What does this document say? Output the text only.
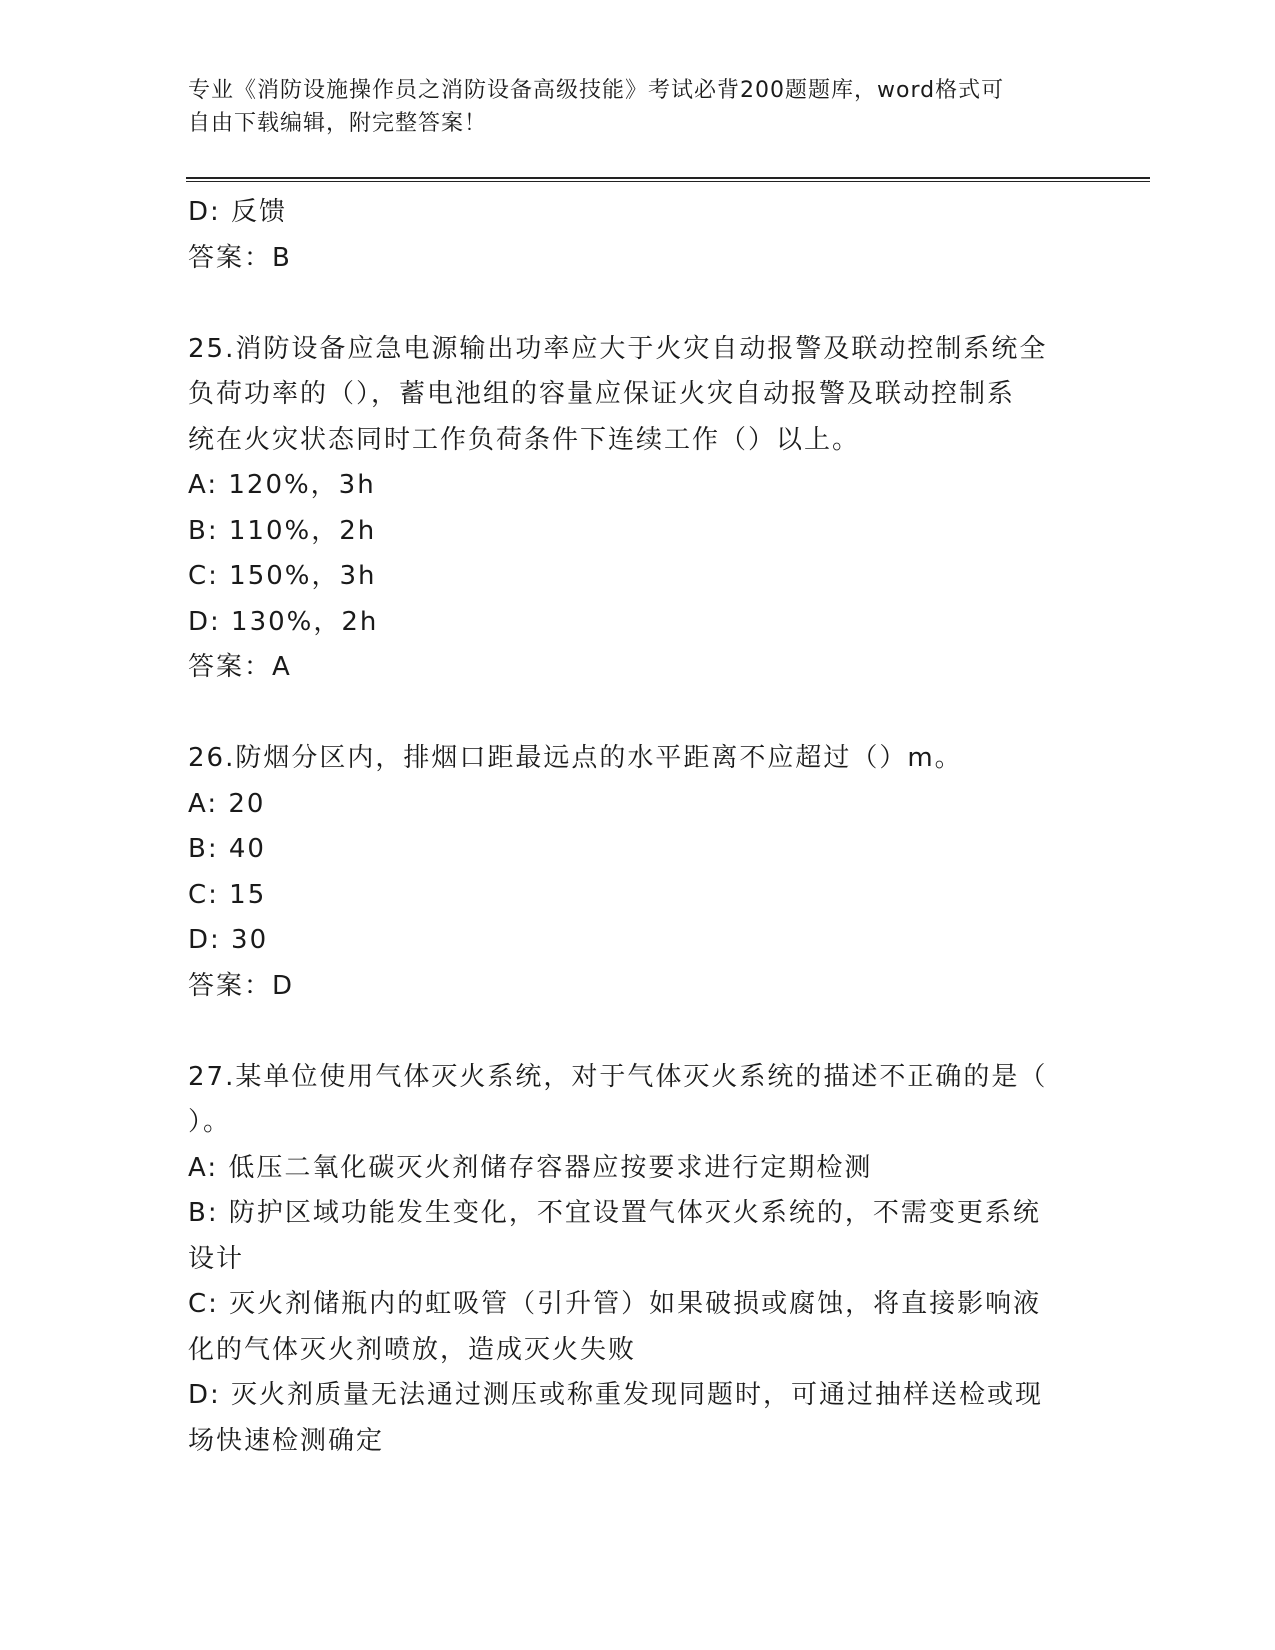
专业《消防设施操作员之消防设备高级技能》考试必背200题题库，word格式可
自由下载编辑，附完整答案！
D: 反馈
答案：B
25.消防设备应急电源输出功率应大于火灾自动报警及联动控制系统全
负荷功率的（），蓄电池组的容量应保证火灾自动报警及联动控制系
统在火灾状态同时工作负荷条件下连续工作（）以上。
A: 120%，3h
B: 110%，2h
C: 150%，3h
D: 130%，2h
答案：A
26.防烟分区内，排烟口距最远点的水平距离不应超过（）m。
A: 20
B: 40
C: 15
D: 30
答案：D
27.某单位使用气体灭火系统，对于气体灭火系统的描述不正确的是（
）。
A: 低压二氧化碳灭火剂储存容器应按要求进行定期检测
B: 防护区域功能发生变化，不宜设置气体灭火系统的，不需变更系统
设计
C: 灭火剂储瓶内的虹吸管（引升管）如果破损或腐蚀，将直接影响液
化的气体灭火剂喷放，造成灭火失败
D: 灭火剂质量无法通过测压或称重发现同题时，可通过抽样送检或现
场快速检测确定
